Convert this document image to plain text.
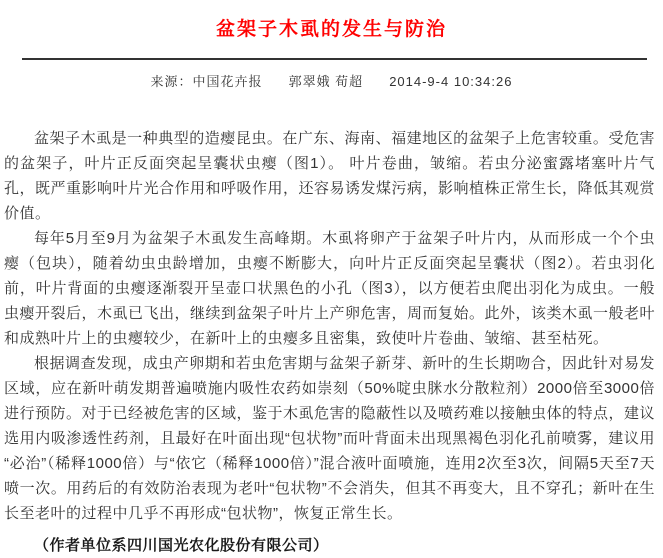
盆架子木虱的发生与防治
来源：中国花卉报 郭翠娥 荀超 2014-9-4 10:34:26

盆架子木虱是一种典型的造瘿昆虫。在广东、海南、福建地区的盆架子上危害较重。受危害的盆架子，叶片正反面突起呈囊状虫瘿（图1）。 叶片卷曲，皱缩。若虫分泌蜜露堵塞叶片气孔，既严重影响叶片光合作用和呼吸作用，还容易诱发煤污病，影响植株正常生长，降低其观赏价值。

每年5月至9月为盆架子木虱发生高峰期。木虱将卵产于盆架子叶片内，从而形成一个个虫瘿（包块），随着幼虫虫龄增加，虫瘿不断膨大，向叶片正反面突起呈囊状（图2）。若虫羽化前，叶片背面的虫瘿逐渐裂开呈壶口状黑色的小孔（图3），以方便若虫爬出羽化为成虫。一般虫瘿开裂后，木虱已飞出，继续到盆架子叶片上产卵危害，周而复始。此外，该类木虱一般老叶和成熟叶片上的虫瘿较少，在新叶上的虫瘿多且密集，致使叶片卷曲、皱缩、甚至枯死。

根据调查发现，成虫产卵期和若虫危害期与盆架子新芽、新叶的生长期吻合，因此针对易发区域，应在新叶萌发期普遍喷施内吸性农药如崇刻（50%啶虫脒水分散粒剂）2000倍至3000倍进行预防。对于已经被危害的区域，鉴于木虱危害的隐蔽性以及喷药难以接触虫体的特点，建议选用内吸渗透性药剂，且最好在叶面出现“包状物”而叶背面未出现黑褐色羽化孔前喷雾，建议用 “必治”（稀释1000倍）与“依它（稀释1000倍）”混合液叶面喷施，连用2次至3次，间隔5天至7天喷一次。用药后的有效防治表现为老叶“包状物”不会消失，但其不再变大，且不穿孔；新叶在生长至老叶的过程中几乎不再形成“包状物”，恢复正常生长。

（作者单位系四川国光农化股份有限公司）
